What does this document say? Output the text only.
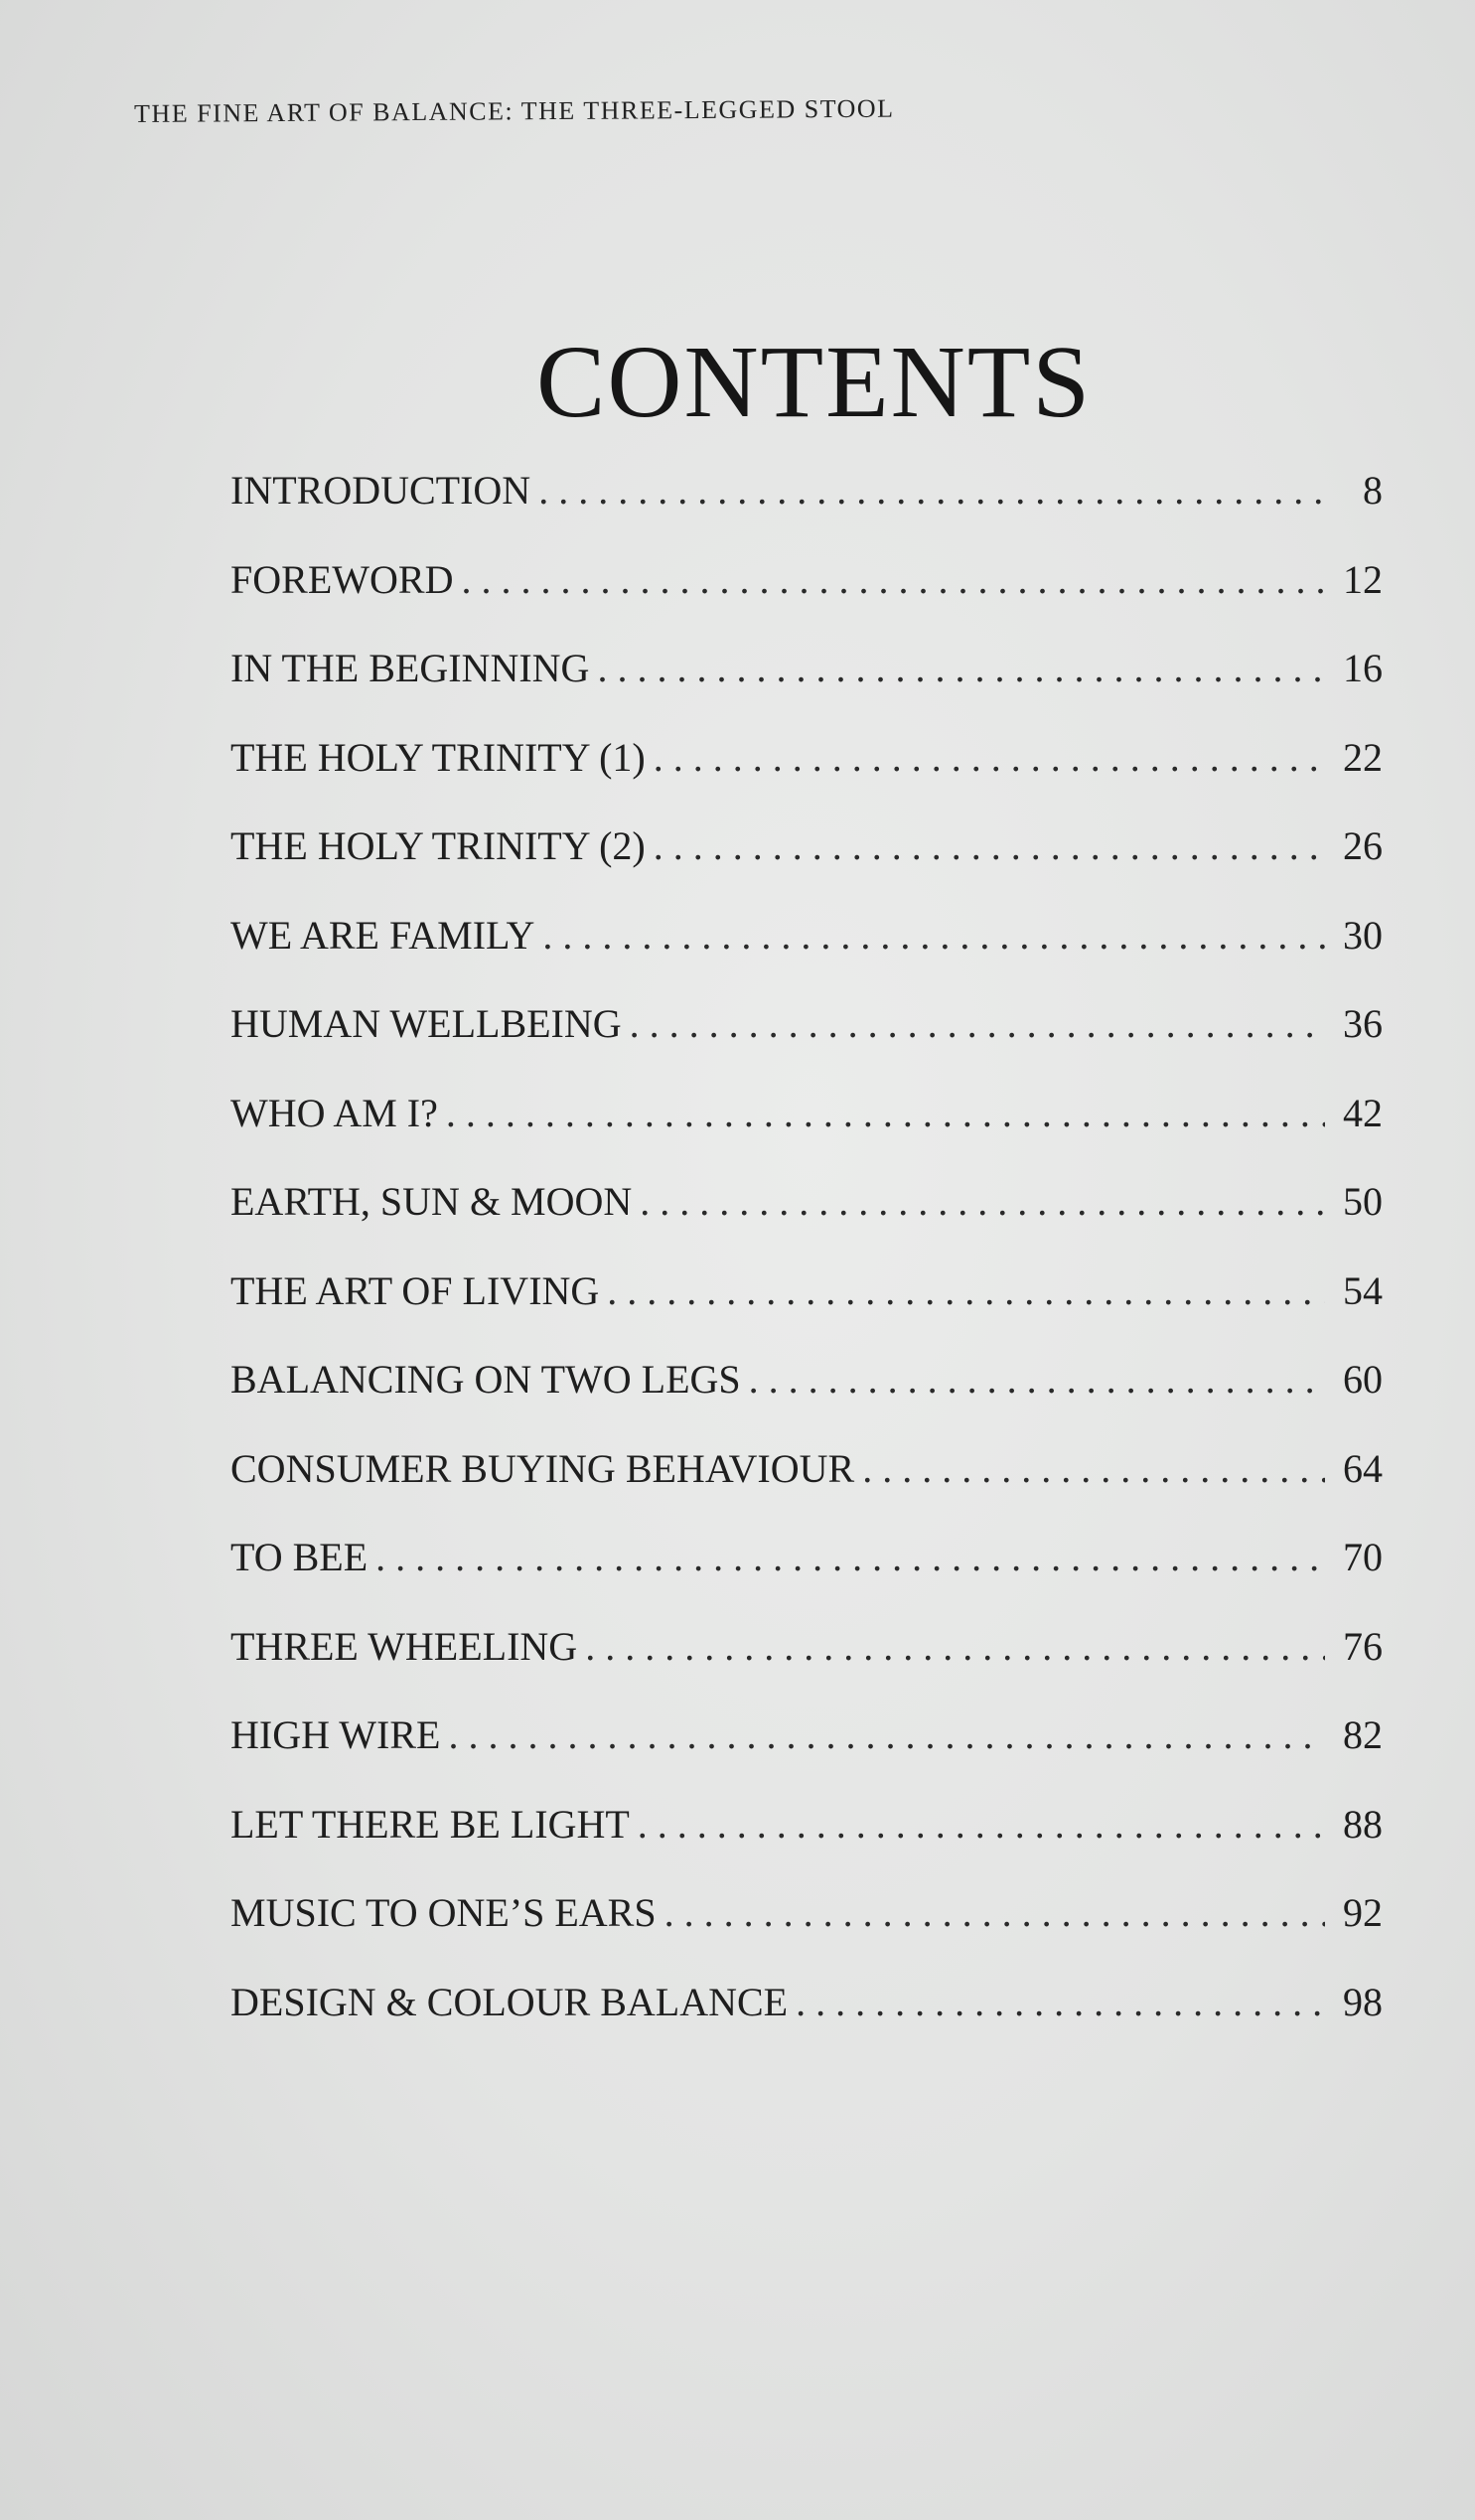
THE FINE ART OF BALANCE: THE THREE-LEGGED STOOL
CONTENTS
INTRODUCTION . . .	8
FOREWORD . . .	12
IN THE BEGINNING . . .	16
THE HOLY TRINITY (1) . . .	22
THE HOLY TRINITY (2) . . .	26
WE ARE FAMILY . . .	30
HUMAN WELLBEING . . .	36
WHO AM I? . . .	42
EARTH, SUN & MOON . . .	50
THE ART OF LIVING . . .	54
BALANCING ON TWO LEGS . . .	60
CONSUMER BUYING BEHAVIOUR . . .	64
TO BEE . . .	70
THREE WHEELING . . .	76
HIGH WIRE . . .	82
LET THERE BE LIGHT . . .	88
MUSIC TO ONE’S EARS . . .	92
DESIGN & COLOUR BALANCE . . .	98
